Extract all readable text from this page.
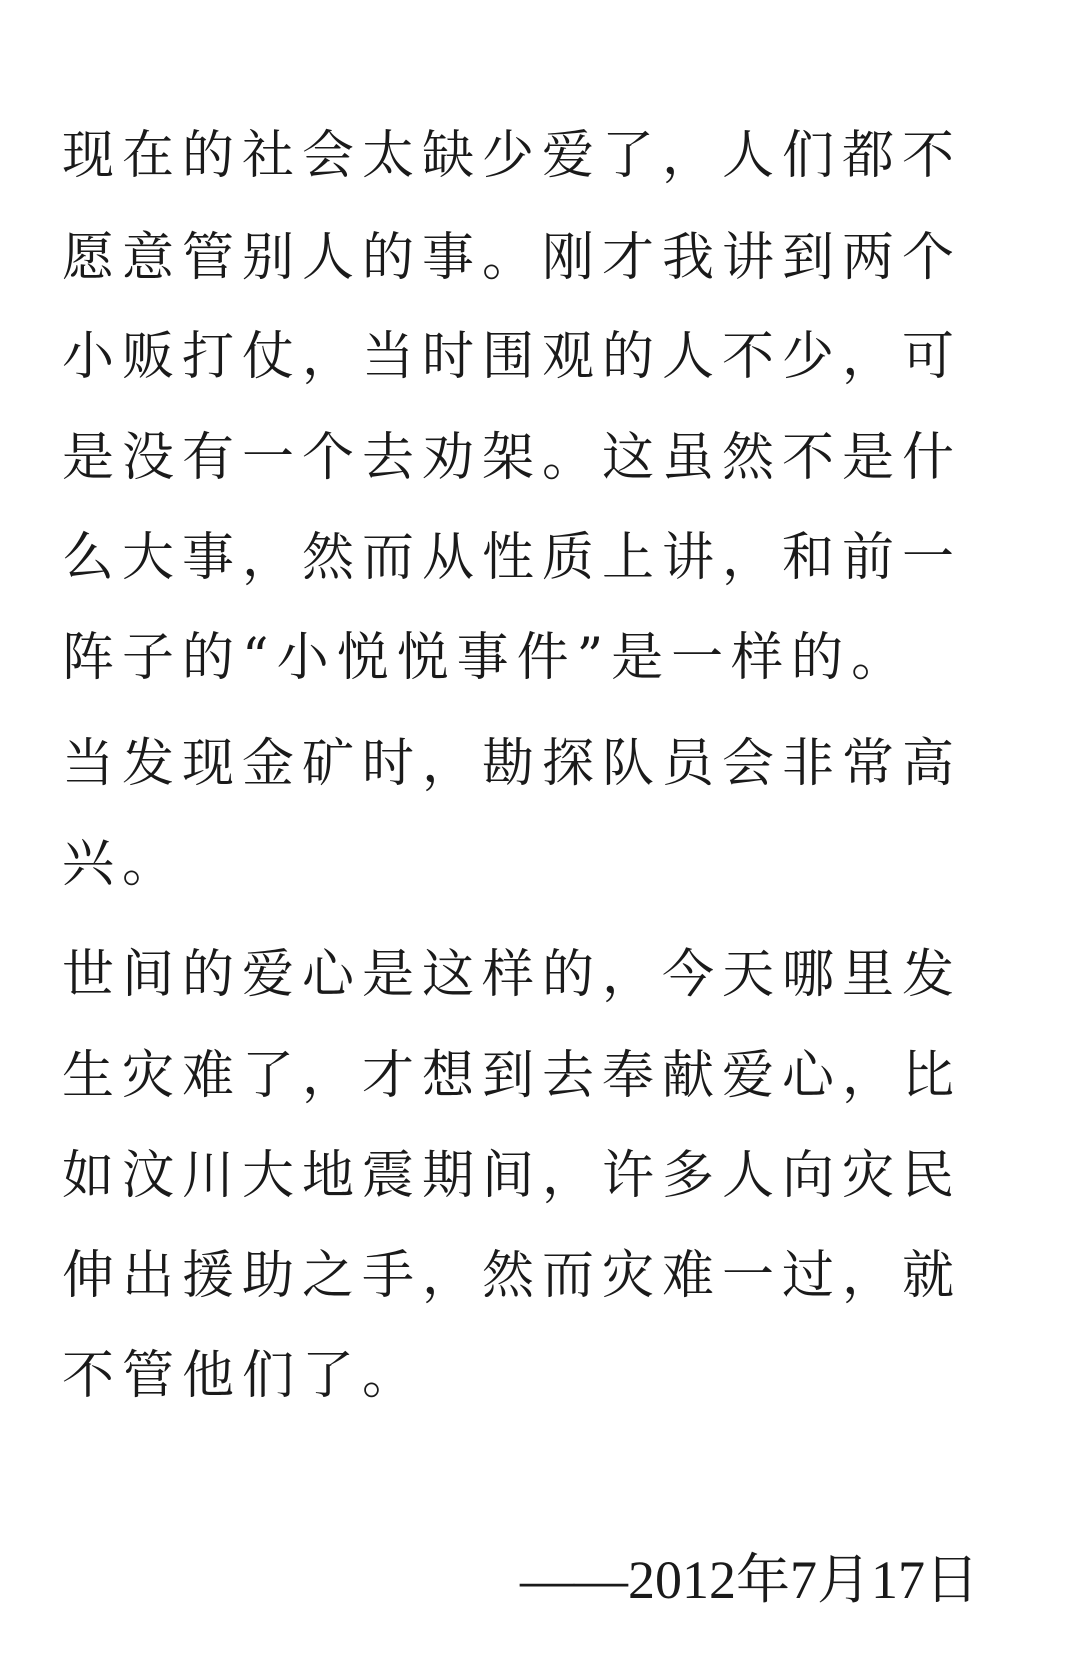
现在的社会太缺少爱了，人们都不
愿意管别人的事。刚才我讲到两个
小贩打仗，当时围观的人不少，可
是没有一个去劝架。这虽然不是什
么大事，然而从性质上讲，和前一
阵子的“小悦悦事件”是一样的。
当发现金矿时，勘探队员会非常高
兴。
世间的爱心是这样的，今天哪里发
生灾难了，才想到去奉献爱心，比
如汶川大地震期间，许多人向灾民
伸出援助之手，然而灾难一过，就
不管他们了。
——2012年7月17日
